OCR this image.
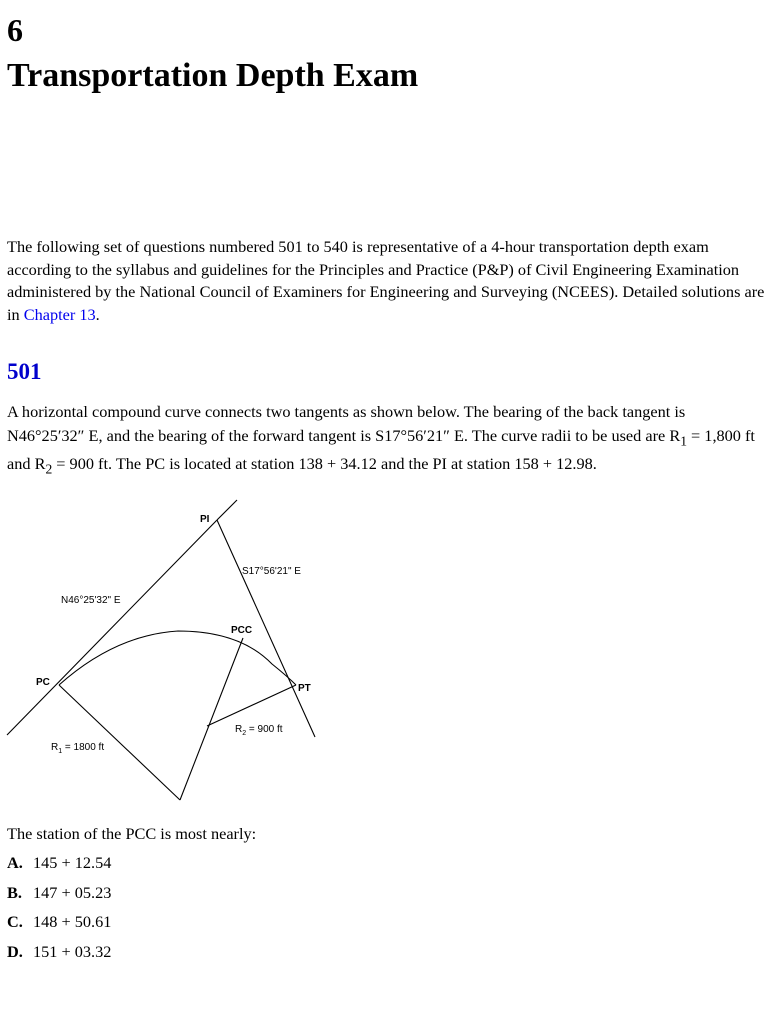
6
Transportation Depth Exam

The following set of questions numbered 501 to 540 is representative of a 4-hour transportation depth exam according to the syllabus and guidelines for the Principles and Practice (P&P) of Civil Engineering Examination administered by the National Council of Examiners for Engineering and Surveying (NCEES). Detailed solutions are in Chapter 13.

501

A horizontal compound curve connects two tangents as shown below. The bearing of the back tangent is N46°25′32″ E, and the bearing of the forward tangent is S17°56′21″ E. The curve radii to be used are $R_1 = 1,800$ ft and $R_2 = 900$ ft. The PC is located at station 138 + 34.12 and the PI at station 158 + 12.98.

PI
PC
PCC
PT
N46°25'32" E
S17°56'21" E
$R_1 = 1800$ ft
$R_2 = 900$ ft

The station of the PCC is most nearly:

A. 145 + 12.54
B. 147 + 05.23
C. 148 + 50.61
D. 151 + 03.32
